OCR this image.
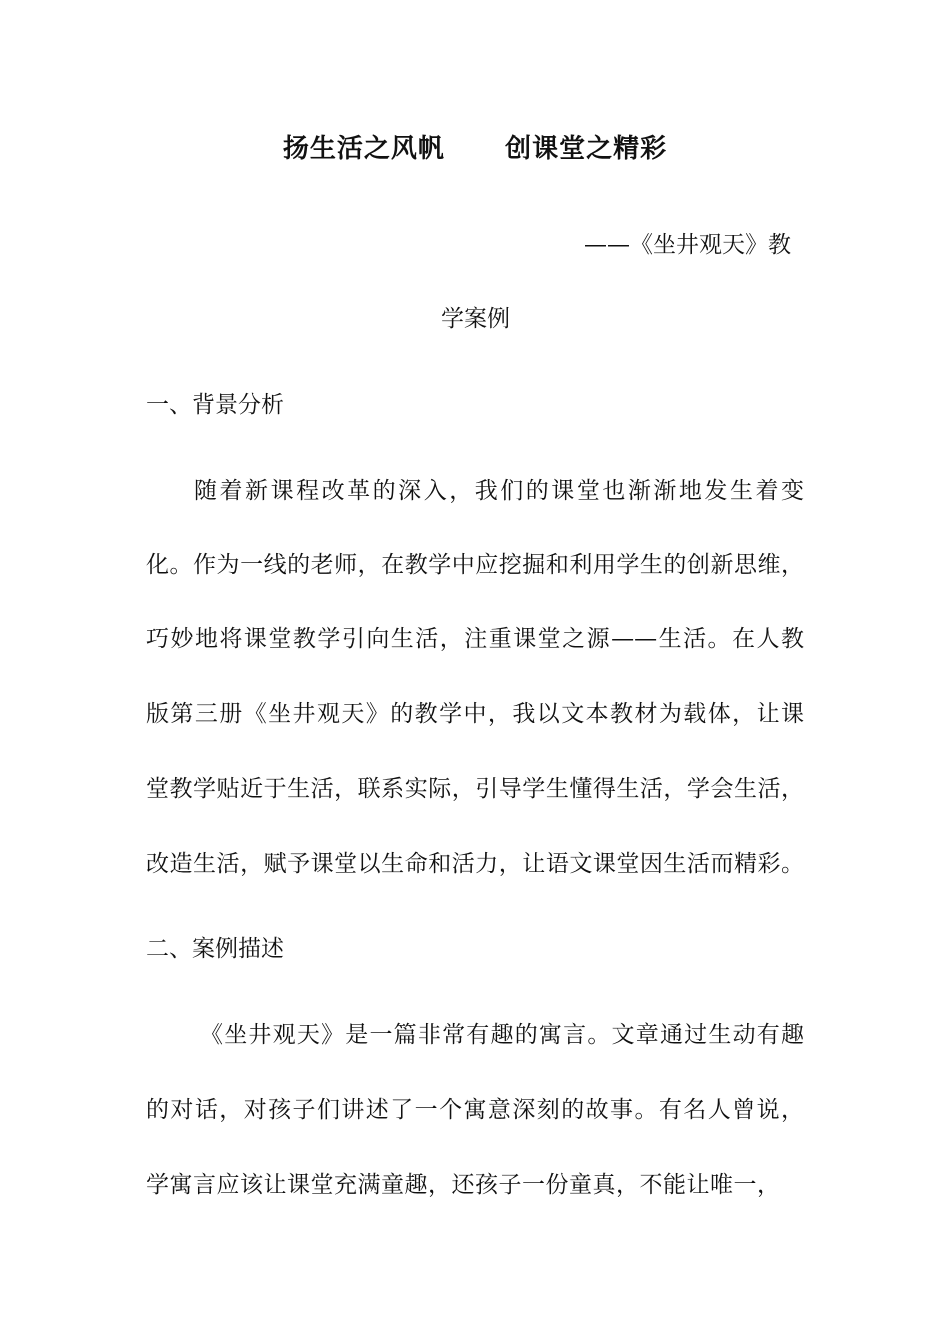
扬生活之风帆      创课堂之精彩
——《坐井观天》教
学案例
一、背景分析
随着新课程改革的深入，我们的课堂也渐渐地发生着变
化。作为一线的老师，在教学中应挖掘和利用学生的创新思维，
巧妙地将课堂教学引向生活，注重课堂之源——生活。在人教
版第三册《坐井观天》的教学中，我以文本教材为载体，让课
堂教学贴近于生活，联系实际，引导学生懂得生活，学会生活，
改造生活，赋予课堂以生命和活力，让语文课堂因生活而精彩。
二、案例描述
《坐井观天》是一篇非常有趣的寓言。文章通过生动有趣
的对话，对孩子们讲述了一个寓意深刻的故事。有名人曾说，
学寓言应该让课堂充满童趣，还孩子一份童真，不能让唯一，
